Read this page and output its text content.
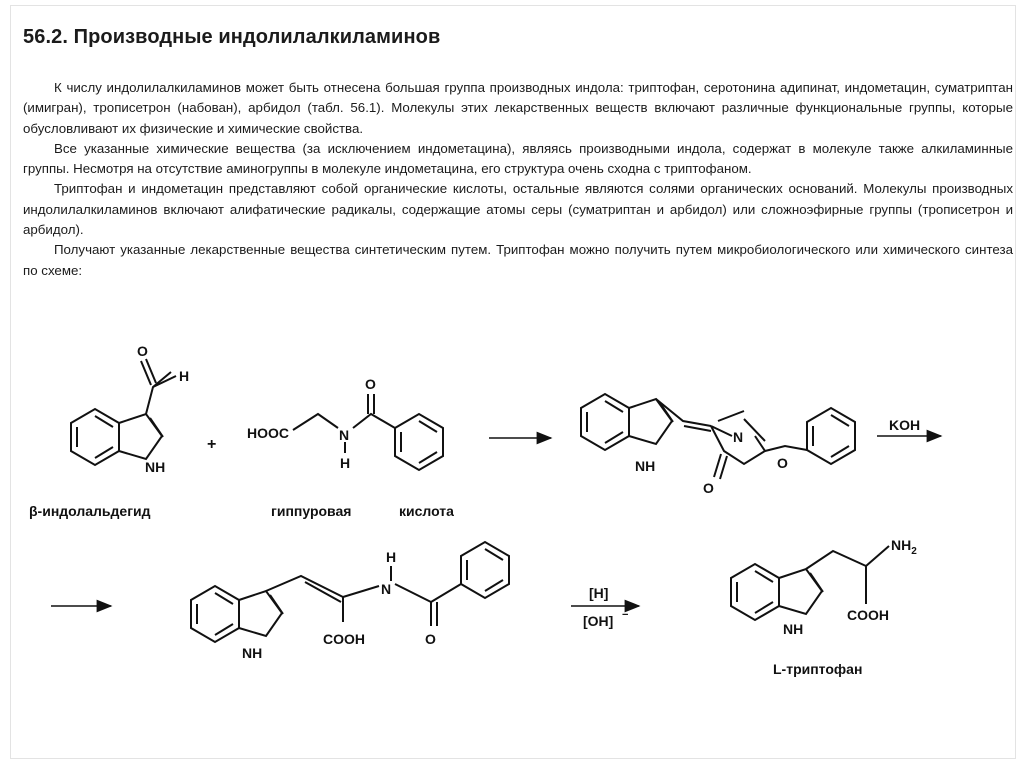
56.2. Производные индолилалкиламинов

К числу индолилалкиламинов может быть отнесена большая группа производных индола: триптофан, серотонина адипинат, индометацин, суматриптан (имигран), трописетрон (набован), арбидол (табл. 56.1). Молекулы этих лекарственных веществ включают различные функциональные группы, которые обусловливают их физические и химические свойства.

Все указанные химические вещества (за исключением индометацина), являясь производными индола, содержат в молекуле также алкиламинные группы. Несмотря на отсутствие аминогруппы в молекуле индометацина, его структура очень сходна с триптофаном.

Триптофан и индометацин представляют собой органические кислоты, остальные являются солями органических оснований. Молекулы производных индолилалкиламинов включают алифатические радикалы, содержащие атомы серы (суматриптан и арбидол) или сложноэфирные группы (трописетрон и арбидол).

Получают указанные лекарственные вещества синтетическим путем. Триптофан можно получить путем микробиологического или химического синтеза по схеме:

O
H
NH
β-индолальдегид
+
HOOC
O
N
H
гиппуровая	кислота
N
O
O
NH
KOH
H
N
COOH	O
NH
[H]
[OH] −
$NH_2$
COOH
NH
L-триптофан
